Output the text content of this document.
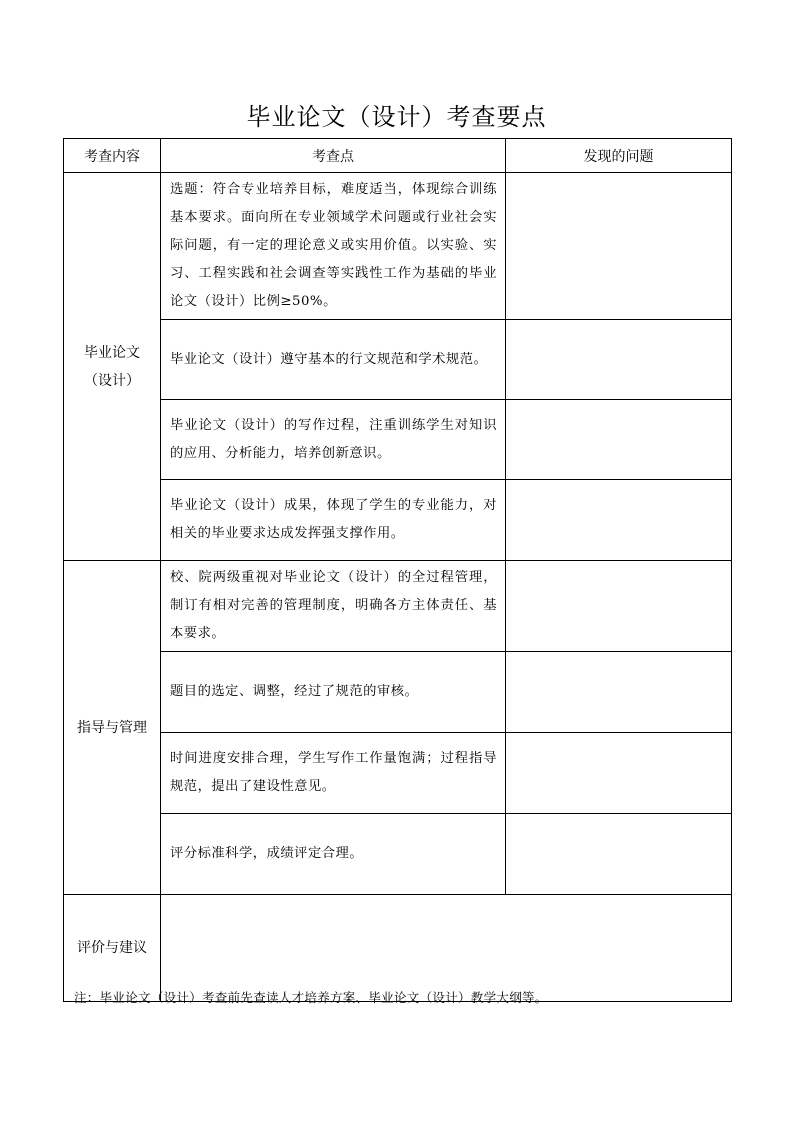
毕业论文（设计）考查要点
考查内容	考查点	发现的问题

毕业论文（设计）	选题：符合专业培养目标，难度适当，体现综合训练基本要求。面向所在专业领域学术问题或行业社会实际问题，有一定的理论意义或实用价值。以实验、实习、工程实践和社会调查等实践性工作为基础的毕业论文（设计）比例≥50%。	
	毕业论文（设计）遵守基本的行文规范和学术规范。	
	毕业论文（设计）的写作过程，注重训练学生对知识的应用、分析能力，培养创新意识。	
	毕业论文（设计）成果，体现了学生的专业能力，对相关的毕业要求达成发挥强支撑作用。	
指导与管理	校、院两级重视对毕业论文（设计）的全过程管理，制订有相对完善的管理制度，明确各方主体责任、基本要求。	
	题目的选定、调整，经过了规范的审核。	
	时间进度安排合理，学生写作工作量饱满；过程指导规范，提出了建设性意见。	
	评分标准科学，成绩评定合理。	
评价与建议		
注：毕业论文（设计）考查前先查读人才培养方案、毕业论文（设计）教学大纲等。
